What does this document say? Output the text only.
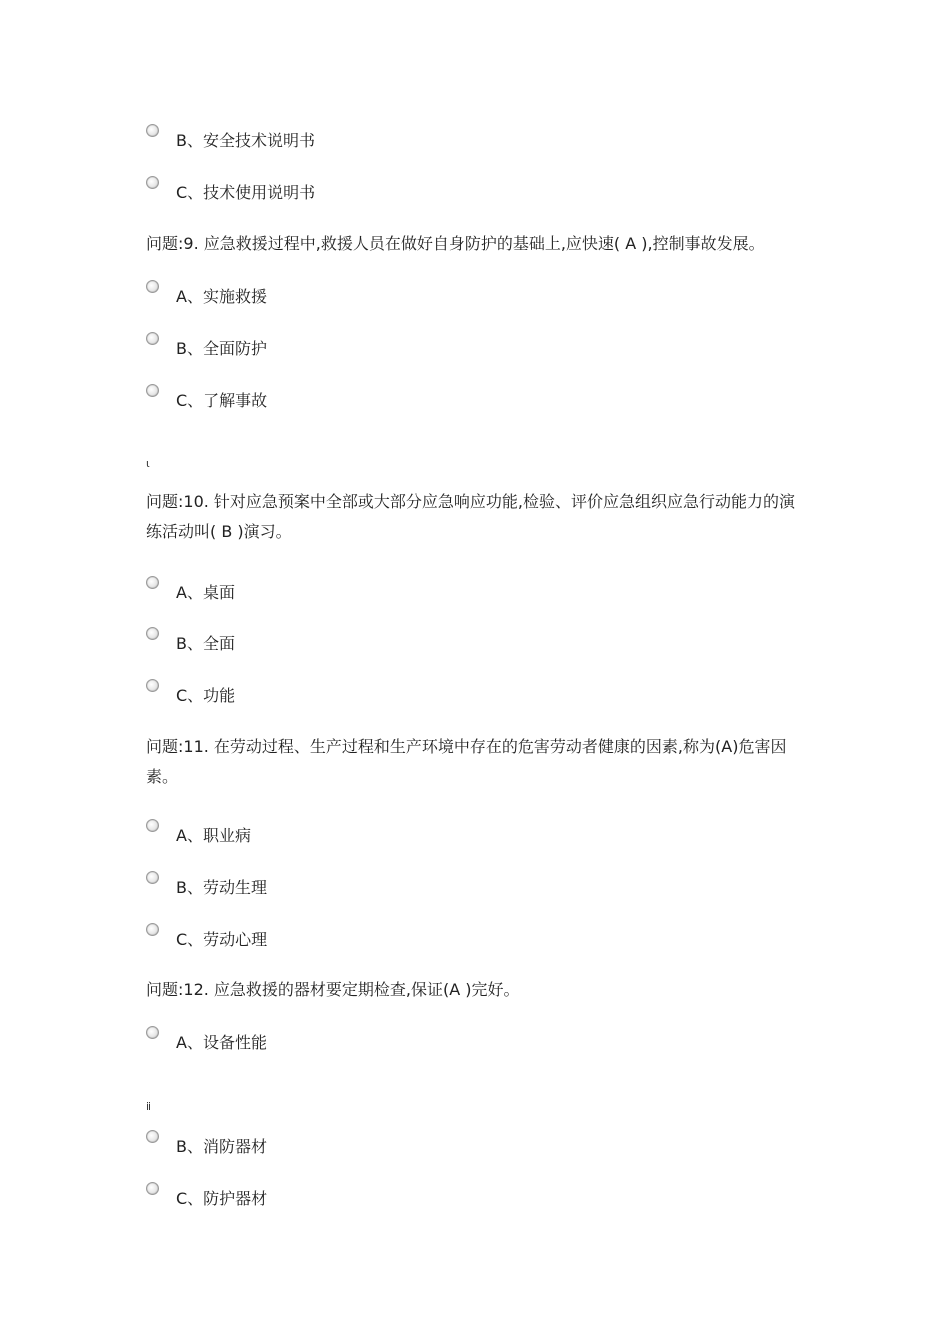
B、安全技术说明书
C、技术使用说明书
问题:9. 应急救援过程中,救援人员在做好自身防护的基础上,应快速( A ),控制事故发展。
A、实施救援
B、全面防护
C、了解事故
ι
问题:10. 针对应急预案中全部或大部分应急响应功能,检验、评价应急组织应急行动能力的演练活动叫( B )演习。
A、桌面
B、全面
C、功能
问题:11. 在劳动过程、生产过程和生产环境中存在的危害劳动者健康的因素,称为(A)危害因素。
A、职业病
B、劳动生理
C、劳动心理
问题:12. 应急救援的器材要定期检查,保证(A )完好。
A、设备性能
ⅱ
B、消防器材
C、防护器材
